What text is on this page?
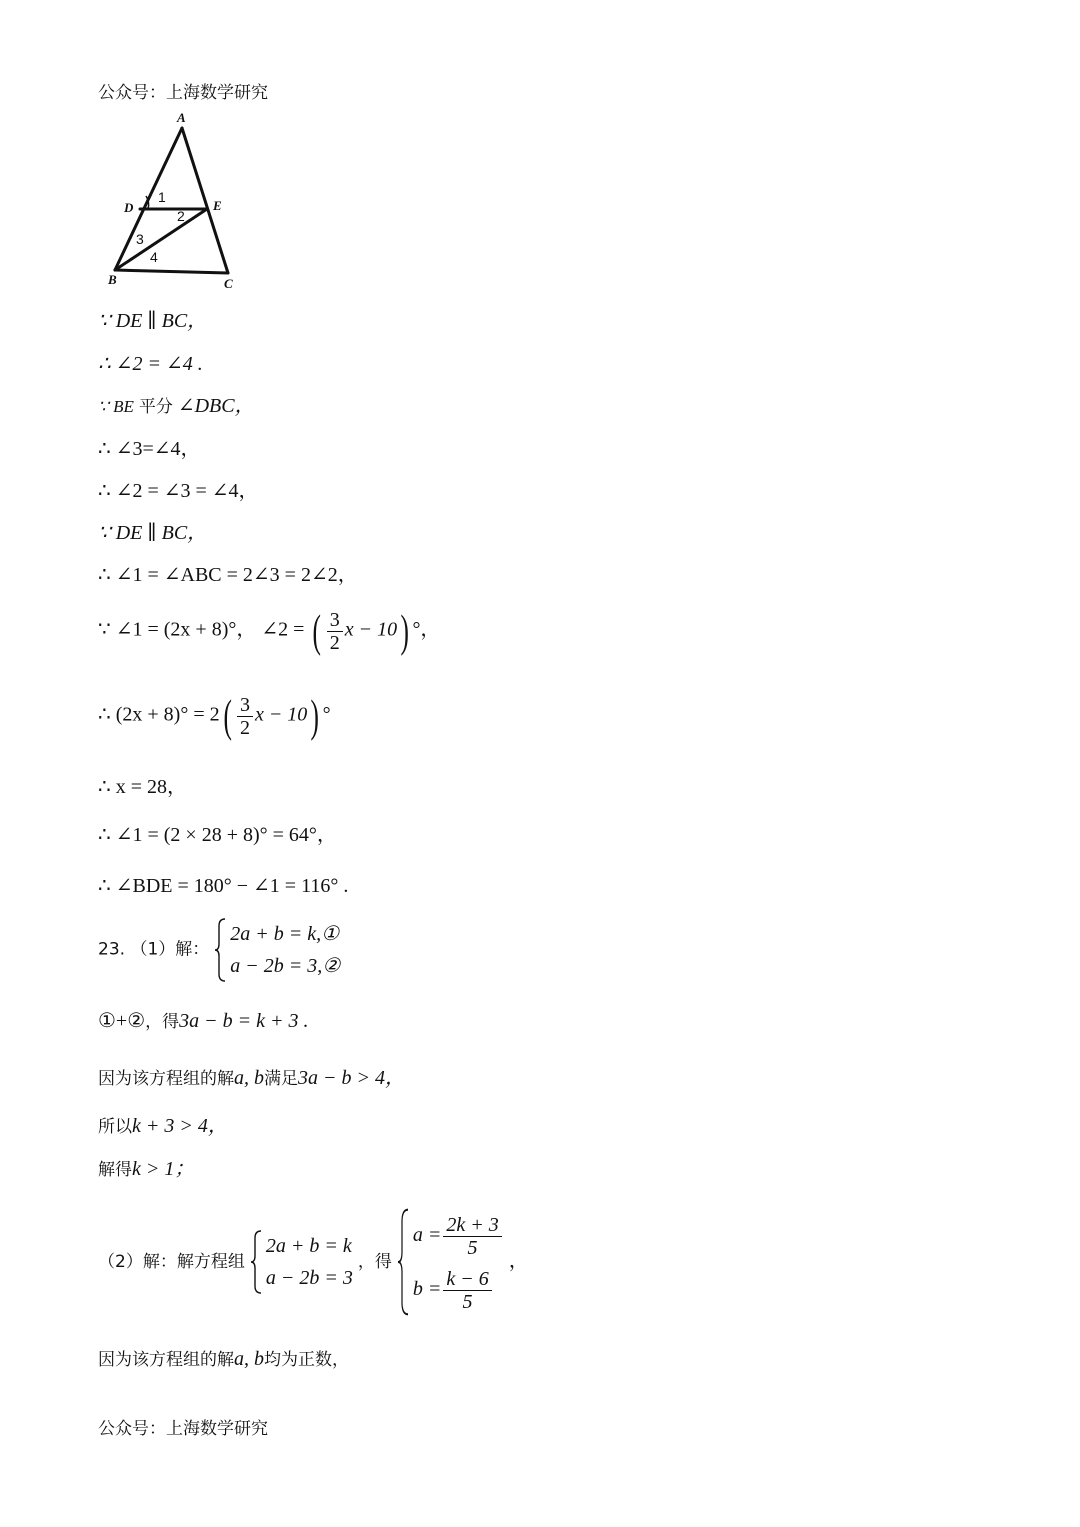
公众号：上海数学研究
A
D	E
B	C
1
2
3
4
∵ DE ∥ BC，
∴ ∠2 = ∠4 .
∵ BE 平分 ∠DBC，
∴ ∠3=∠4，
∴ ∠2 = ∠3 = ∠4，
∵ DE ∥ BC，
∴ ∠1 = ∠ABC = 2∠3 = 2∠2，
∵ ∠1 = (2x + 8)°， ∠2 = ( $\frac{3}{2}$ x − 10) °，
∴ $(2x + 8)^\circ = 2( \frac{3}{2}$ x − 10) °
∴ x = 28，
∴ ∠1 = (2 × 28 + 8)° = 64°，
∴ ∠BDE = 180° − ∠1 = 116° .
23. （1）解：
2a + b = k,①
a − 2b = 3,②
①+②，得3a − b = k + 3 .
因为该方程组的解a, b满足3a − b > 4，
所以k + 3 > 4，
解得k > 1；
（2）解：解方程组
2a + b = k
a − 2b = 3
，得
$a = \frac{2k + 3}{5}$
$b = \frac{k - 6}{5}$
，
因为该方程组的解a, b均为正数，
公众号：上海数学研究
